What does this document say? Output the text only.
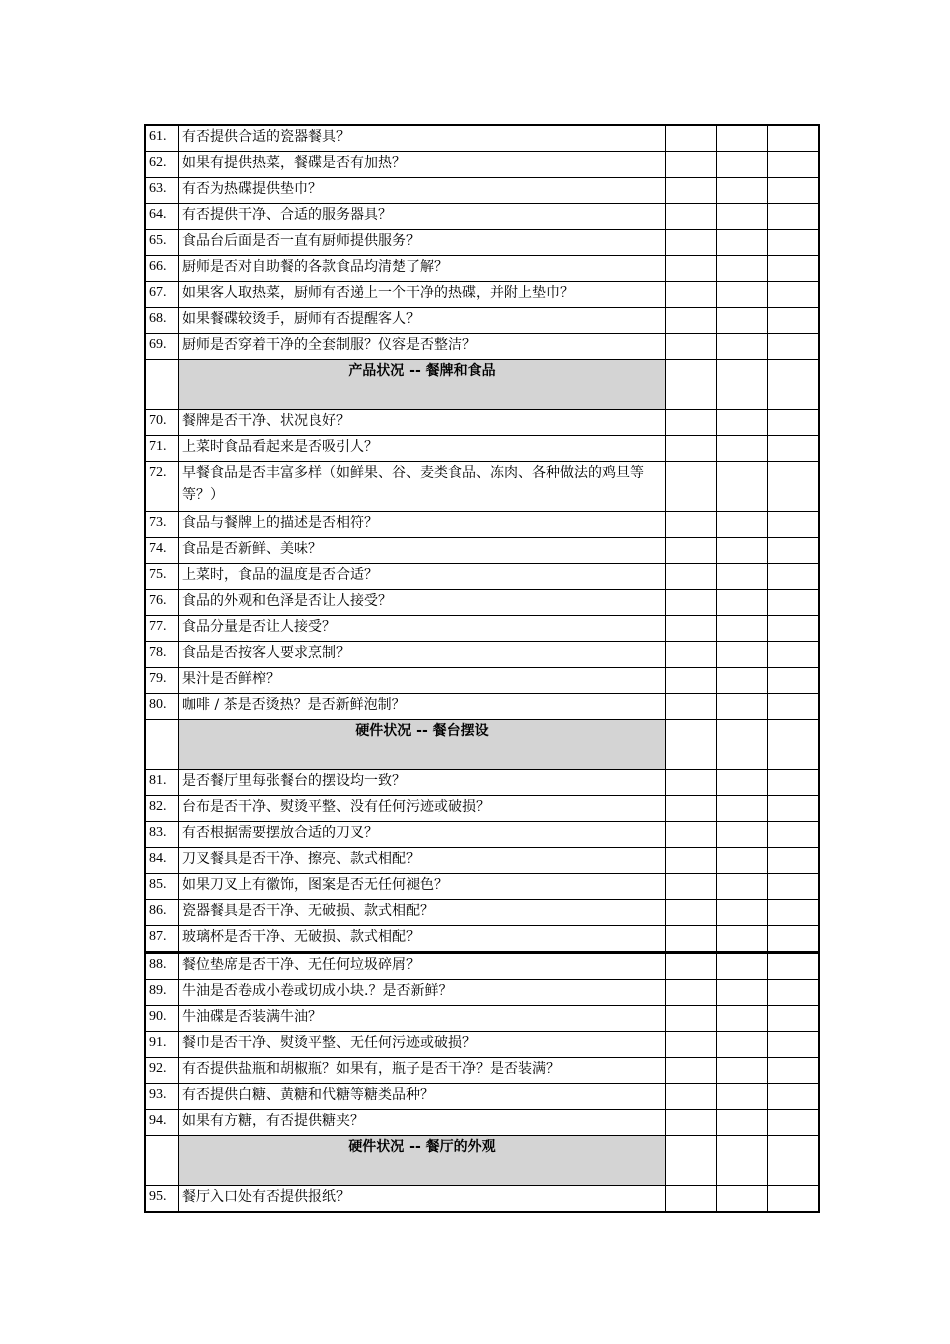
61.	有否提供合适的瓷器餐具？			
62.	如果有提供热菜，餐碟是否有加热？			
63.	有否为热碟提供垫巾？			
64.	有否提供干净、合适的服务器具？			
65.	食品台后面是否一直有厨师提供服务？			
66.	厨师是否对自助餐的各款食品均清楚了解？			
67.	如果客人取热菜，厨师有否递上一个干净的热碟，并附上垫巾？			
68.	如果餐碟较烫手，厨师有否提醒客人？			
69.	厨师是否穿着干净的全套制服？仪容是否整洁？			
	产品状况 -- 餐牌和食品			
70.	餐牌是否干净、状况良好？			
71.	上菜时食品看起来是否吸引人？			
72.	早餐食品是否丰富多样（如鲜果、谷、麦类食品、冻肉、各种做法的鸡旦等等？）			
73.	食品与餐牌上的描述是否相符？			
74.	食品是否新鲜、美味？			
75.	上菜时，食品的温度是否合适？			
76.	食品的外观和色泽是否让人接受？			
77.	食品分量是否让人接受？			
78.	食品是否按客人要求烹制？			
79.	果汁是否鲜榨？			
80.	咖啡 / 茶是否烫热？是否新鲜泡制？			
	硬件状况 -- 餐台摆设			
81.	是否餐厅里每张餐台的摆设均一致？			
82.	台布是否干净、熨烫平整、没有任何污迹或破损？			
83.	有否根据需要摆放合适的刀叉？			
84.	刀叉餐具是否干净、擦亮、款式相配？			
85.	如果刀叉上有徽饰，图案是否无任何褪色？			
86.	瓷器餐具是否干净、无破损、款式相配？			
87.	玻璃杯是否干净、无破损、款式相配？			
88.	餐位垫席是否干净、无任何垃圾碎屑？			
89.	牛油是否卷成小卷或切成小块.？是否新鲜？			
90.	牛油碟是否装满牛油？			
91.	餐巾是否干净、熨烫平整、无任何污迹或破损？			
92.	有否提供盐瓶和胡椒瓶？如果有，瓶子是否干净？是否装满？			
93.	有否提供白糖、黄糖和代糖等糖类品种？			
94.	如果有方糖，有否提供糖夹？			
	硬件状况 -- 餐厅的外观			
95.	餐厅入口处有否提供报纸？			
